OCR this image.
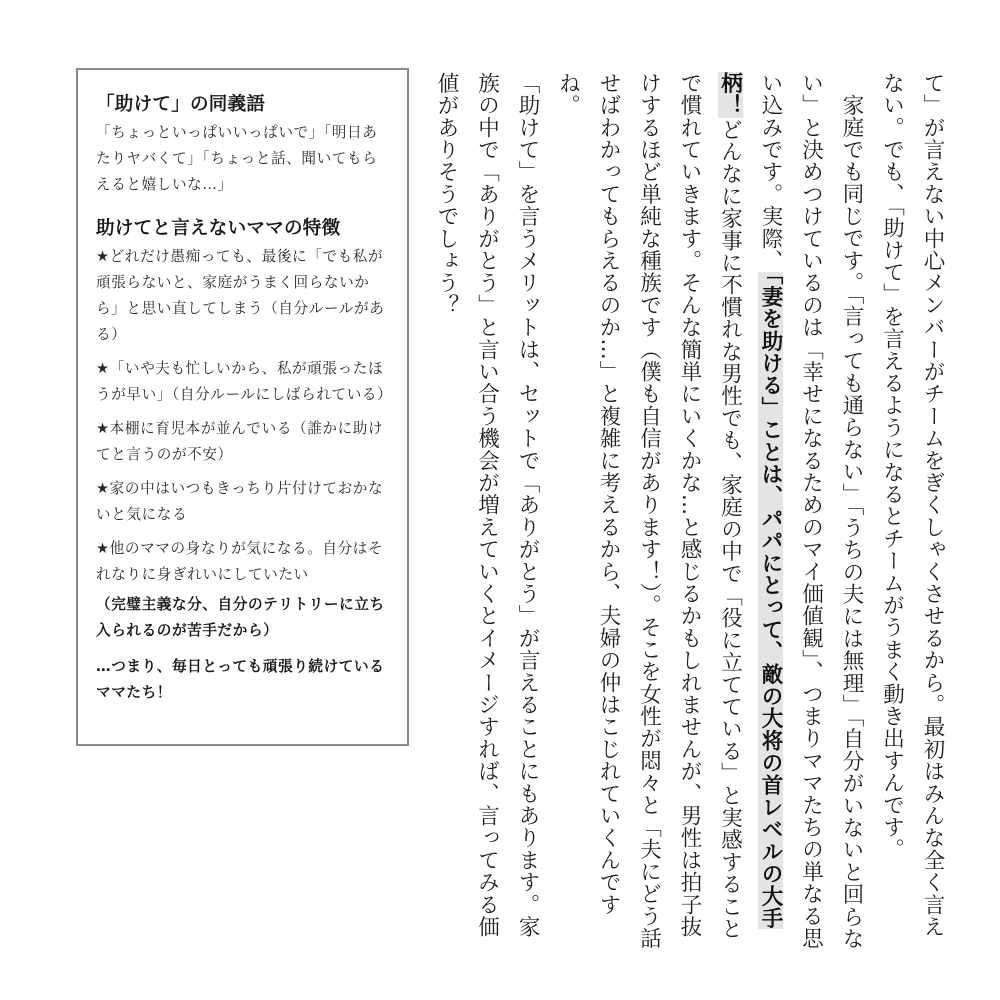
「助けて」の同義語

「ちょっといっぱいいっぱいで」「明日あたりヤバくて」「ちょっと話、聞いてもらえると嬉しいな…」

助けてと言えないママの特徴

★どれだけ愚痴っても、最後に「でも私が頑張らないと、家庭がうまく回らないから」と思い直してしまう（自分ルールがある）

★「いや夫も忙しいから、私が頑張ったほうが早い」（自分ルールにしばられている）

★本棚に育児本が並んでいる（誰かに助けてと言うのが不安）

★家の中はいつもきっちり片付けておかないと気になる

★他のママの身なりが気になる。自分はそれなりに身ぎれいにしていたい
（完璧主義な分、自分のテリトリーに立ち入られるのが苦手だから）

…つまり、毎日とっても頑張り続けているママたち！	て」が言えない中心メンバーがチームをぎくしゃくさせるから。最初はみんな全く言えない。でも、「助けて」を言えるようになるとチームがうまく動き出すんです。

家庭でも同じです。「言っても通らない」「うちの夫には無理」「自分がいないと回らない」と決めつけているのは「幸せになるためのマイ価値観」、つまりママたちの単なる思い込みです。実際、「妻を助ける」ことは、パパにとって、敵の大将の首レベルの大手柄！どんなに家事に不慣れな男性でも、家庭の中で「役に立てている」と実感することで慣れていきます。そんな簡単にいくかな…と感じるかもしれませんが、男性は拍子抜けするほど単純な種族です（僕も自信があります！）。そこを女性が悶々と「夫にどう話せばわかってもらえるのか…」と複雑に考えるから、夫婦の仲はこじれていくんですね。

「助けて」を言うメリットは、セットで「ありがとう」が言えることにもあります。家族の中で「ありがとう」と言い合う機会が増えていくとイメージすれば、言ってみる価値がありそうでしょう？
